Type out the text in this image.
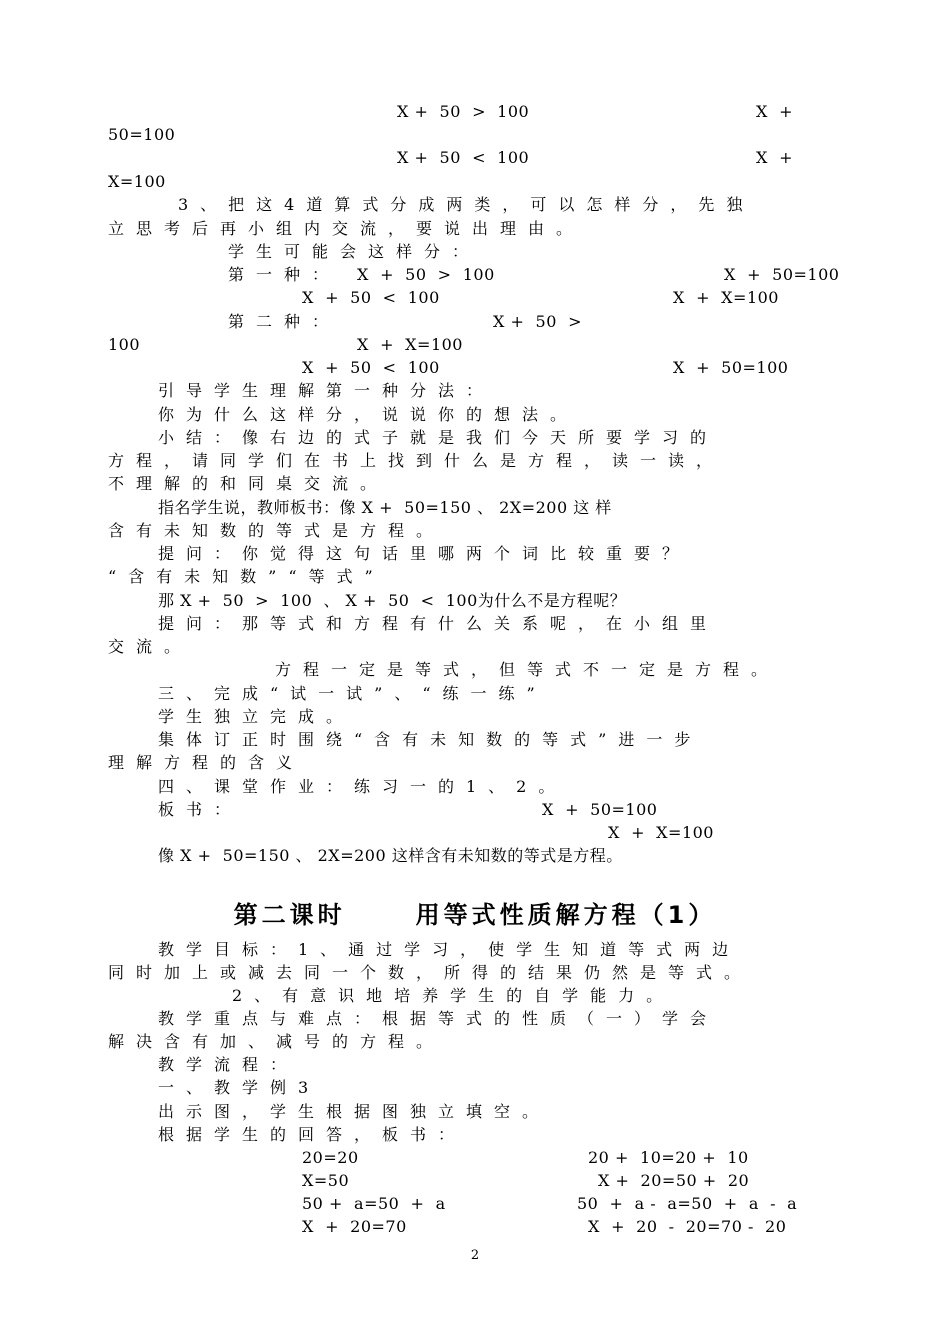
X +  50  >  100	X  +
50=100
X +  50  <  100	X  +
X=100
3、把这4道算式分成两类，可以怎样分，先独
立思考后再小组内交流，要说出理由。
学生可能会这样分：
第一种： X  +  50  >  100	X  +  50=100
X  +  50  <  100	X  +  X=100
第二种：	X +  50  >
100	X  +  X=100
X  +  50  <  100	X  +  50=100
引导学生理解第一种分法：
你为什么这样分，说说你的想法。
小结：像右边的式子就是我们今天所要学习的
方程，请同学们在书上找到什么是方程，读一读，
不理解的和同桌交流。
指名学生说，教师板书：像 X +  50=150 、 2X=200 这 样
含有未知数的等式是方程。
提问：你觉得这句话里哪两个词比较重要？
“含有未知数”“等式”
那 X +  50  >  100  、 X +  50  <  100为什么不是方程呢？
提问：那等式和方程有什么关系呢，在小组里
交流。
方程一定是等式，但等式不一定是方程。
三、完成“试一试”、“练一练”
学生独立完成。
集体订正时围绕“含有未知数的等式”进一步
理解方程的含义
四、课堂作业：练习一的1、2。
板书：	X  +  50=100
X  +  X=100
像 X +  50=150 、 2X=200 这样含有未知数的等式是方程。
教学目标：1、通过学习，使学生知道等式两边
同时加上或减去同一个数，所得的结果仍然是等式。
2、有意识地培养学生的自学能力。
教学重点与难点：根据等式的性质（一）学会
解决含有加、减号的方程。
教学流程：
一、教学例3
出示图，学生根据图独立填空。
根据学生的回答，板书：
20=20	20 +  10=20 +  10
X=50	X +  20=50 +  20
50 +  a=50  +  a	50  +  a -  a=50  +  a  -  a
X  +  20=70	X  +  20  -  20=70 -  20
第二课时	用等式性质解方程（1）
2
